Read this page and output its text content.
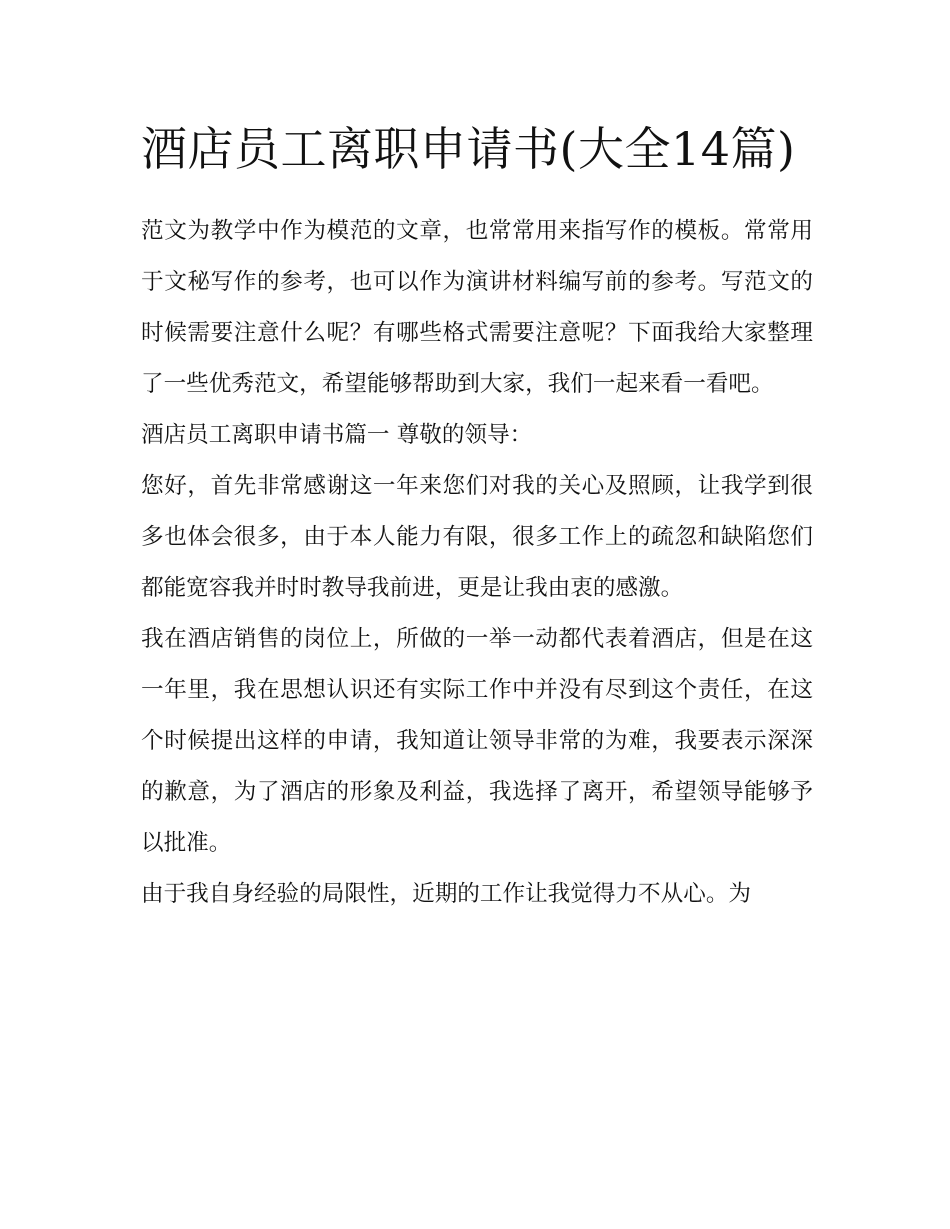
酒店员工离职申请书(大全14篇)

范文为教学中作为模范的文章，也常常用来指写作的模板。常常用于文秘写作的参考，也可以作为演讲材料编写前的参考。写范文的时候需要注意什么呢？有哪些格式需要注意呢？下面我给大家整理了一些优秀范文，希望能够帮助到大家，我们一起来看一看吧。

酒店员工离职申请书篇一 尊敬的领导：

您好，首先非常感谢这一年来您们对我的关心及照顾，让我学到很多也体会很多，由于本人能力有限，很多工作上的疏忽和缺陷您们都能宽容我并时时教导我前进，更是让我由衷的感激。

我在酒店销售的岗位上，所做的一举一动都代表着酒店，但是在这一年里，我在思想认识还有实际工作中并没有尽到这个责任，在这个时候提出这样的申请，我知道让领导非常的为难，我要表示深深的歉意，为了酒店的形象及利益，我选择了离开，希望领导能够予以批准。

由于我自身经验的局限性，近期的工作让我觉得力不从心。为
